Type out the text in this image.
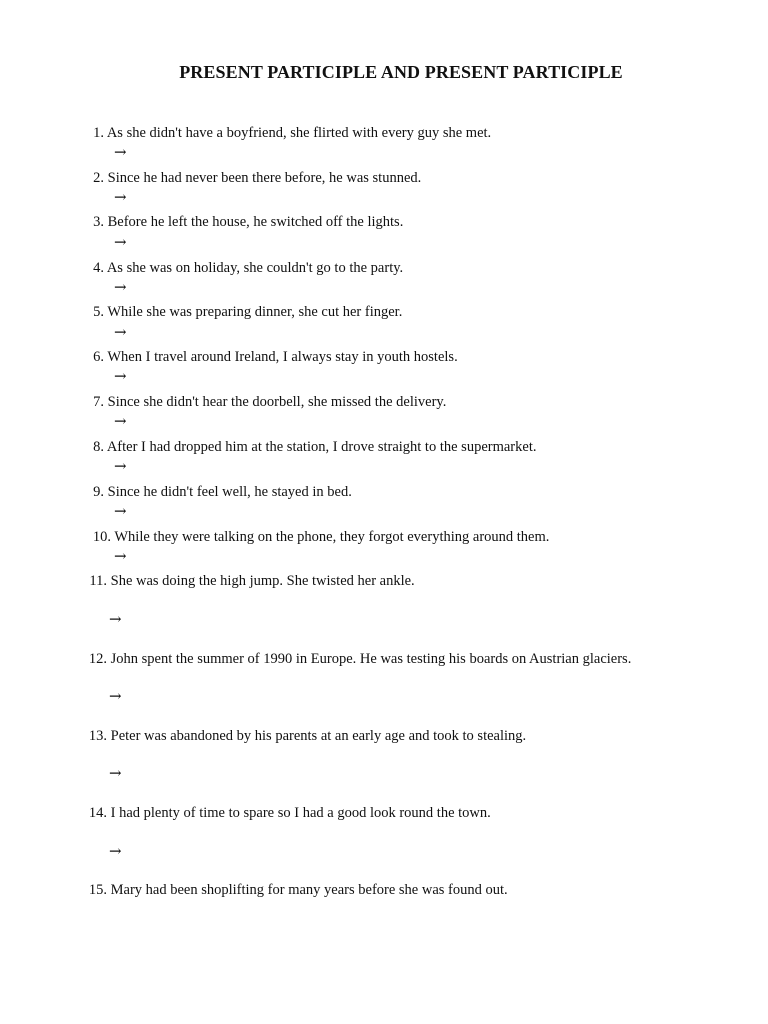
PRESENT PARTICIPLE AND PRESENT PARTICIPLE
1. As she didn't have a boyfriend, she flirted with every guy she met.
→
2. Since he had never been there before, he was stunned.
→
3. Before he left the house, he switched off the lights.
→
4. As she was on holiday, she couldn't go to the party.
→
5. While she was preparing dinner, she cut her finger.
→
6. When I travel around Ireland, I always stay in youth hostels.
→
7. Since she didn't hear the doorbell, she missed the delivery.
→
8. After I had dropped him at the station, I drove straight to the supermarket.
→
9. Since he didn't feel well, he stayed in bed.
→
10. While they were talking on the phone, they forgot everything around them.
→
11. She was doing the high jump. She twisted her ankle.
→
12. John spent the summer of 1990 in Europe. He was testing his boards on Austrian glaciers.
→
13. Peter was abandoned by his parents at an early age and took to stealing.
→
14. I had plenty of time to spare so I had a good look round the town.
→
15. Mary had been shoplifting for many years before she was found out.
